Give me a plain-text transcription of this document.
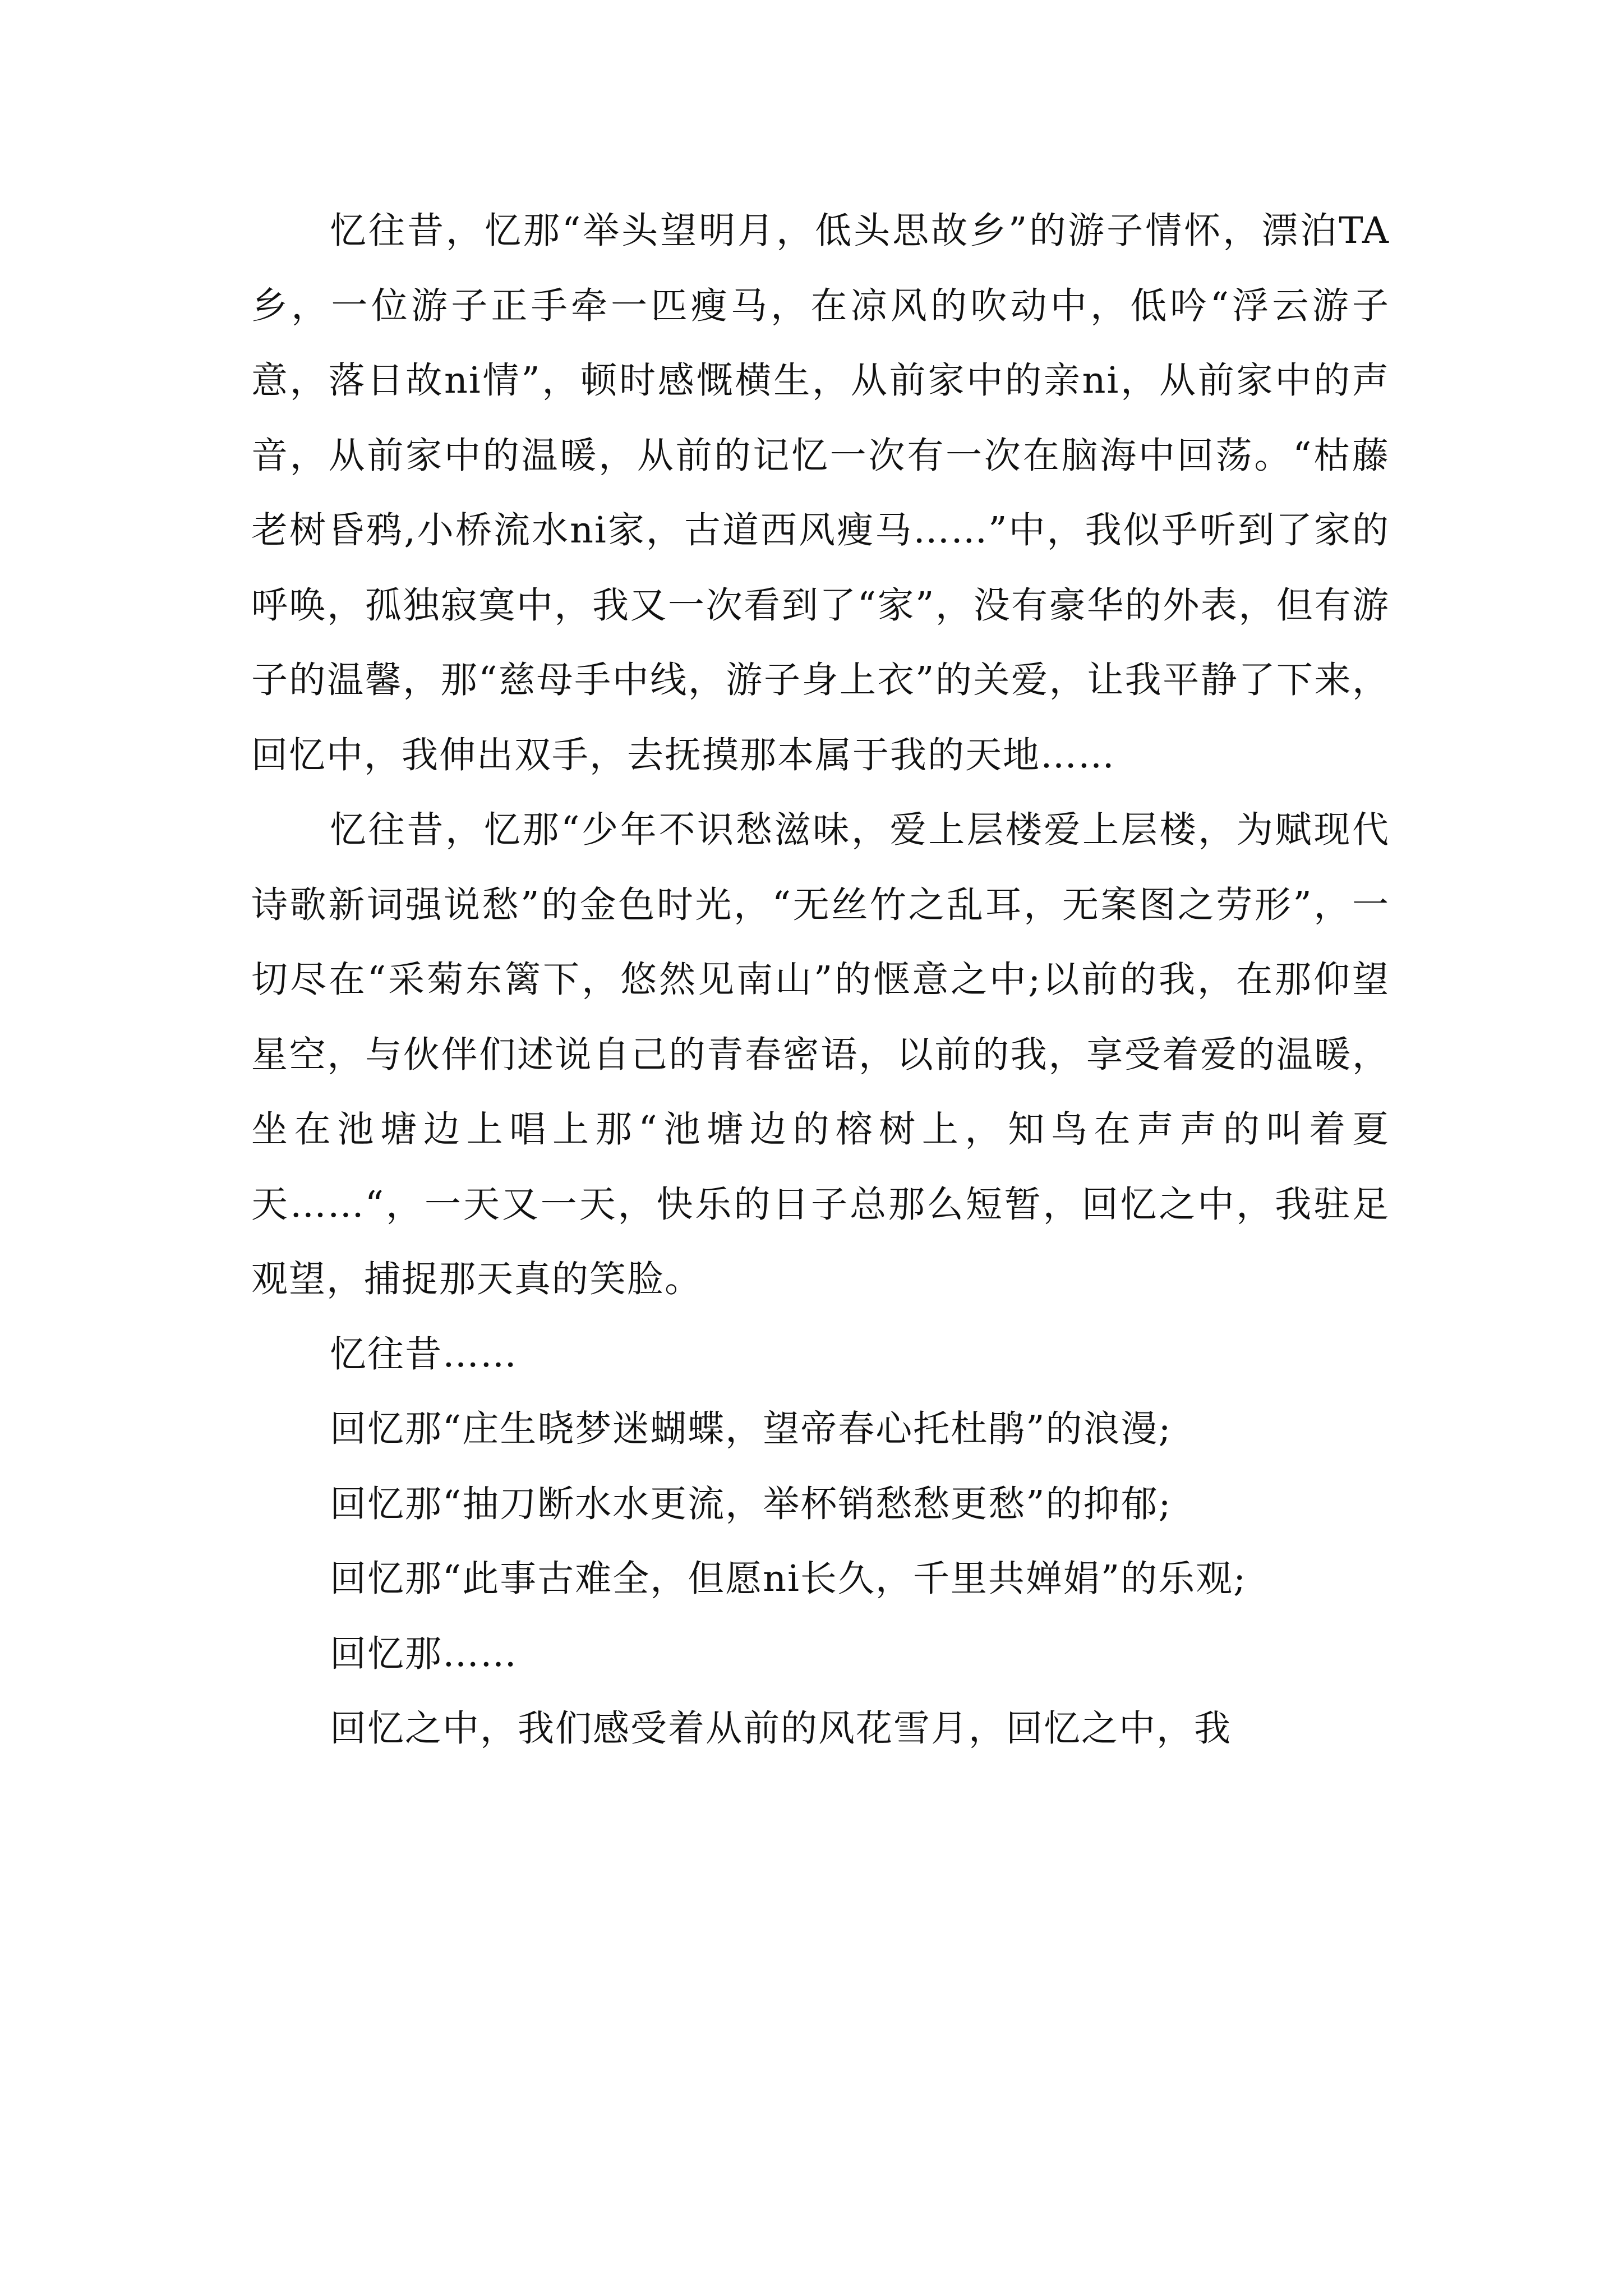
忆往昔，忆那“举头望明月，低头思故乡”的游子情怀，漂泊TA乡，一位游子正手牵一匹瘦马，在凉风的吹动中，低吟“浮云游子意，落日故ni情”，顿时感慨横生，从前家中的亲ni，从前家中的声音，从前家中的温暖，从前的记忆一次有一次在脑海中回荡。“枯藤老树昏鸦,小桥流水ni家，古道西风瘦马……”中，我似乎听到了家的呼唤，孤独寂寞中，我又一次看到了“家”，没有豪华的外表，但有游子的温馨，那“慈母手中线，游子身上衣”的关爱，让我平静了下来，回忆中，我伸出双手，去抚摸那本属于我的天地……

忆往昔，忆那“少年不识愁滋味，爱上层楼爱上层楼，为赋现代诗歌新词强说愁”的金色时光，“无丝竹之乱耳，无案图之劳形”，一切尽在“采菊东篱下，悠然见南山”的惬意之中;以前的我，在那仰望星空，与伙伴们述说自己的青春密语，以前的我，享受着爱的温暖，坐在池塘边上唱上那“池塘边的榕树上，知鸟在声声的叫着夏天……“，一天又一天，快乐的日子总那么短暂，回忆之中，我驻足观望，捕捉那天真的笑脸。

忆往昔……

回忆那“庄生晓梦迷蝴蝶，望帝春心托杜鹃”的浪漫;

回忆那“抽刀断水水更流，举杯销愁愁更愁”的抑郁;

回忆那“此事古难全，但愿ni长久，千里共婵娟”的乐观;

回忆那……

回忆之中，我们感受着从前的风花雪月，回忆之中，我
